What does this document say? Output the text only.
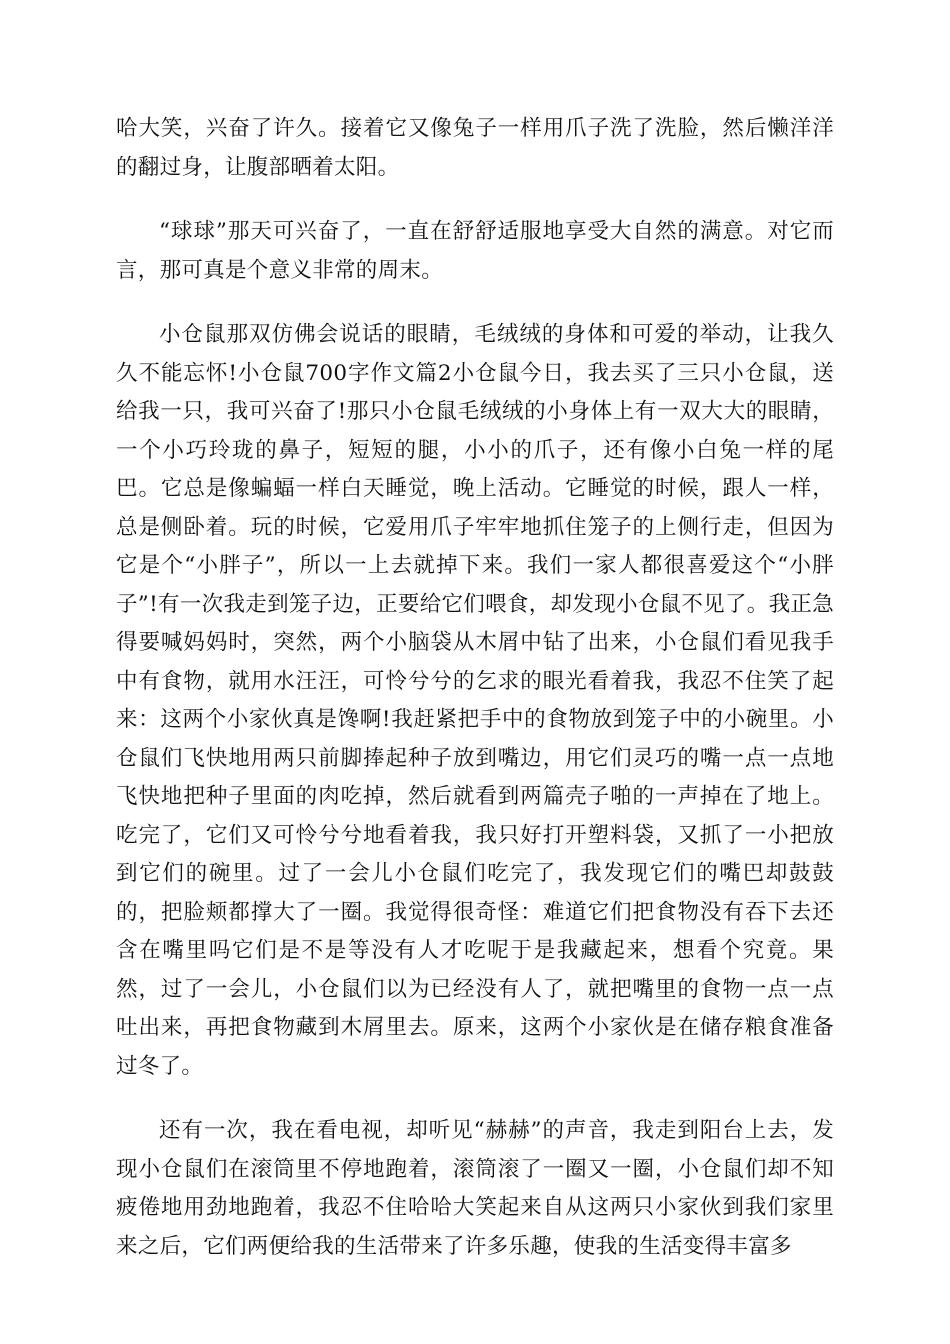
哈大笑，兴奋了许久。接着它又像兔子一样用爪子洗了洗脸，然后懒洋洋的翻过身，让腹部晒着太阳。

“球球”那天可兴奋了，一直在舒舒适服地享受大自然的满意。对它而言，那可真是个意义非常的周末。

小仓鼠那双仿佛会说话的眼睛，毛绒绒的身体和可爱的举动，让我久久不能忘怀!小仓鼠700字作文篇2小仓鼠今日，我去买了三只小仓鼠，送给我一只，我可兴奋了!那只小仓鼠毛绒绒的小身体上有一双大大的眼睛，一个小巧玲珑的鼻子，短短的腿，小小的爪子，还有像小白兔一样的尾巴。它总是像蝙蝠一样白天睡觉，晚上活动。它睡觉的时候，跟人一样，总是侧卧着。玩的时候，它爱用爪子牢牢地抓住笼子的上侧行走，但因为它是个“小胖子”，所以一上去就掉下来。我们一家人都很喜爱这个“小胖子”!有一次我走到笼子边，正要给它们喂食，却发现小仓鼠不见了。我正急得要喊妈妈时，突然，两个小脑袋从木屑中钻了出来，小仓鼠们看见我手中有食物，就用水汪汪，可怜兮兮的乞求的眼光看着我，我忍不住笑了起来：这两个小家伙真是馋啊!我赶紧把手中的食物放到笼子中的小碗里。小仓鼠们飞快地用两只前脚捧起种子放到嘴边，用它们灵巧的嘴一点一点地飞快地把种子里面的肉吃掉，然后就看到两篇壳子啪的一声掉在了地上。吃完了，它们又可怜兮兮地看着我，我只好打开塑料袋，又抓了一小把放到它们的碗里。过了一会儿小仓鼠们吃完了，我发现它们的嘴巴却鼓鼓的，把脸颊都撑大了一圈。我觉得很奇怪：难道它们把食物没有吞下去还含在嘴里吗它们是不是等没有人才吃呢于是我藏起来，想看个究竟。果然，过了一会儿，小仓鼠们以为已经没有人了，就把嘴里的食物一点一点吐出来，再把食物藏到木屑里去。原来，这两个小家伙是在储存粮食准备过冬了。

还有一次，我在看电视，却听见“赫赫”的声音，我走到阳台上去，发现小仓鼠们在滚筒里不停地跑着，滚筒滚了一圈又一圈，小仓鼠们却不知疲倦地用劲地跑着，我忍不住哈哈大笑起来自从这两只小家伙到我们家里来之后，它们两便给我的生活带来了许多乐趣，使我的生活变得丰富多
